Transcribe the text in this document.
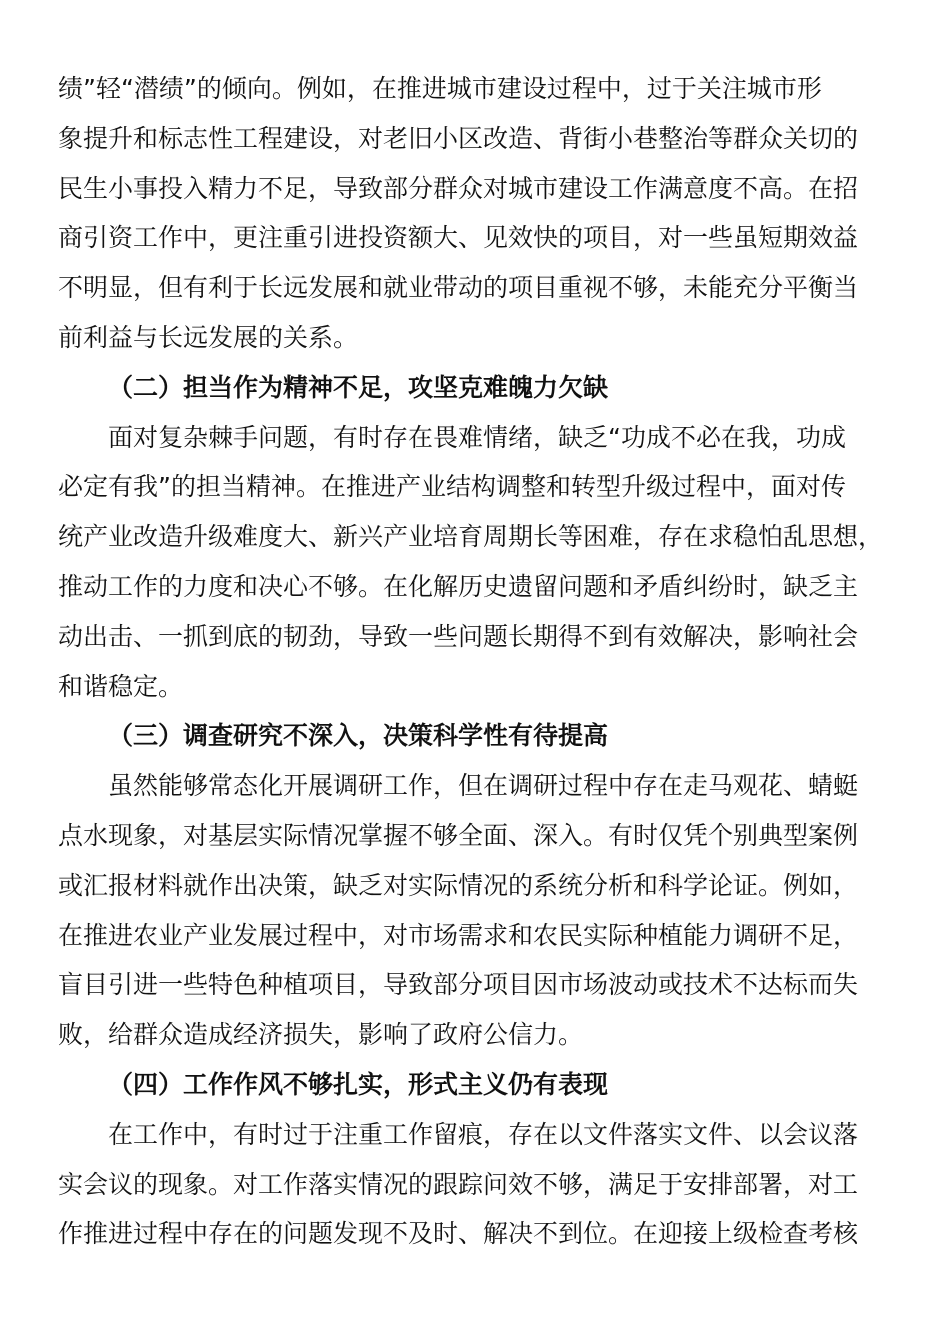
绩”轻“潜绩”的倾向。例如，在推进城市建设过程中，过于关注城市形
象提升和标志性工程建设，对老旧小区改造、背街小巷整治等群众关切的
民生小事投入精力不足，导致部分群众对城市建设工作满意度不高。在招
商引资工作中，更注重引进投资额大、见效快的项目，对一些虽短期效益
不明显，但有利于长远发展和就业带动的项目重视不够，未能充分平衡当
前利益与长远发展的关系。
（二）担当作为精神不足，攻坚克难魄力欠缺
面对复杂棘手问题，有时存在畏难情绪，缺乏“功成不必在我，功成
必定有我”的担当精神。在推进产业结构调整和转型升级过程中，面对传
统产业改造升级难度大、新兴产业培育周期长等困难，存在求稳怕乱思想，
推动工作的力度和决心不够。在化解历史遗留问题和矛盾纠纷时，缺乏主
动出击、一抓到底的韧劲，导致一些问题长期得不到有效解决，影响社会
和谐稳定。
（三）调查研究不深入，决策科学性有待提高
虽然能够常态化开展调研工作，但在调研过程中存在走马观花、蜻蜓
点水现象，对基层实际情况掌握不够全面、深入。有时仅凭个别典型案例
或汇报材料就作出决策，缺乏对实际情况的系统分析和科学论证。例如，
在推进农业产业发展过程中，对市场需求和农民实际种植能力调研不足，
盲目引进一些特色种植项目，导致部分项目因市场波动或技术不达标而失
败，给群众造成经济损失，影响了政府公信力。
（四）工作作风不够扎实，形式主义仍有表现
在工作中，有时过于注重工作留痕，存在以文件落实文件、以会议落
实会议的现象。对工作落实情况的跟踪问效不够，满足于安排部署，对工
作推进过程中存在的问题发现不及时、解决不到位。在迎接上级检查考核
